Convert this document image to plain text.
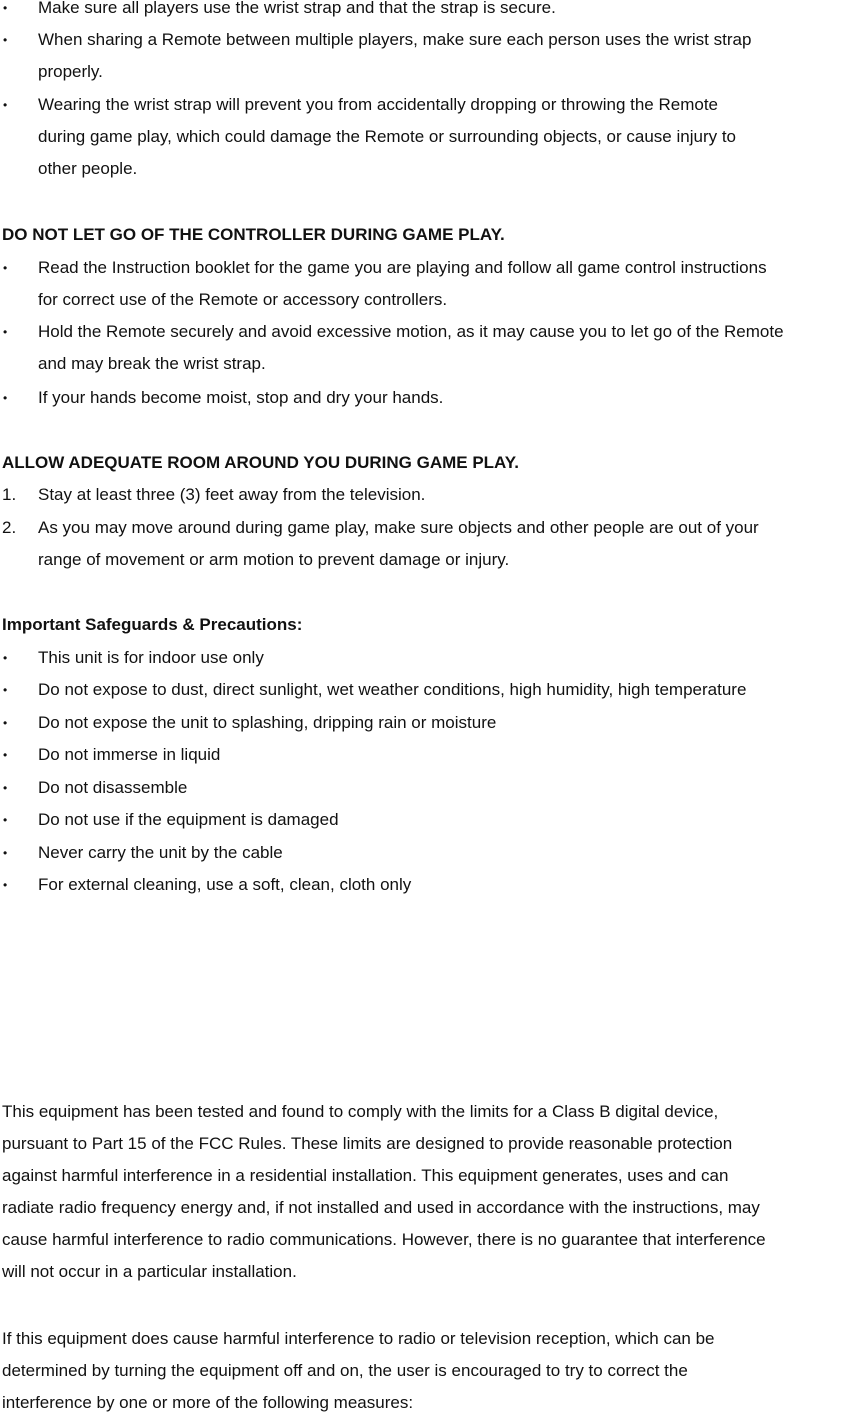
• Make sure all players use the wrist strap and that the strap is secure.
• When sharing a Remote between multiple players, make sure each person uses the wrist strap
properly.
• Wearing the wrist strap will prevent you from accidentally dropping or throwing the Remote
during game play, which could damage the Remote or surrounding objects, or cause injury to
other people.
DO NOT LET GO OF THE CONTROLLER DURING GAME PLAY.
• Read the Instruction booklet for the game you are playing and follow all game control instructions
for correct use of the Remote or accessory controllers.
• Hold the Remote securely and avoid excessive motion, as it may cause you to let go of the Remote
and may break the wrist strap.
• If your hands become moist, stop and dry your hands.
ALLOW ADEQUATE ROOM AROUND YOU DURING GAME PLAY.
1. Stay at least three (3) feet away from the television.
2. As you may move around during game play, make sure objects and other people are out of your
range of movement or arm motion to prevent damage or injury.
Important Safeguards & Precautions:
• This unit is for indoor use only
• Do not expose to dust, direct sunlight, wet weather conditions, high humidity, high temperature
• Do not expose the unit to splashing, dripping rain or moisture
• Do not immerse in liquid
• Do not disassemble
• Do not use if the equipment is damaged
• Never carry the unit by the cable
• For external cleaning, use a soft, clean, cloth only
This equipment has been tested and found to comply with the limits for a Class B digital device,
pursuant to Part 15 of the FCC Rules. These limits are designed to provide reasonable protection
against harmful interference in a residential installation. This equipment generates, uses and can
radiate radio frequency energy and, if not installed and used in accordance with the instructions, may
cause harmful interference to radio communications. However, there is no guarantee that interference
will not occur in a particular installation.
If this equipment does cause harmful interference to radio or television reception, which can be
determined by turning the equipment off and on, the user is encouraged to try to correct the
interference by one or more of the following measures:
